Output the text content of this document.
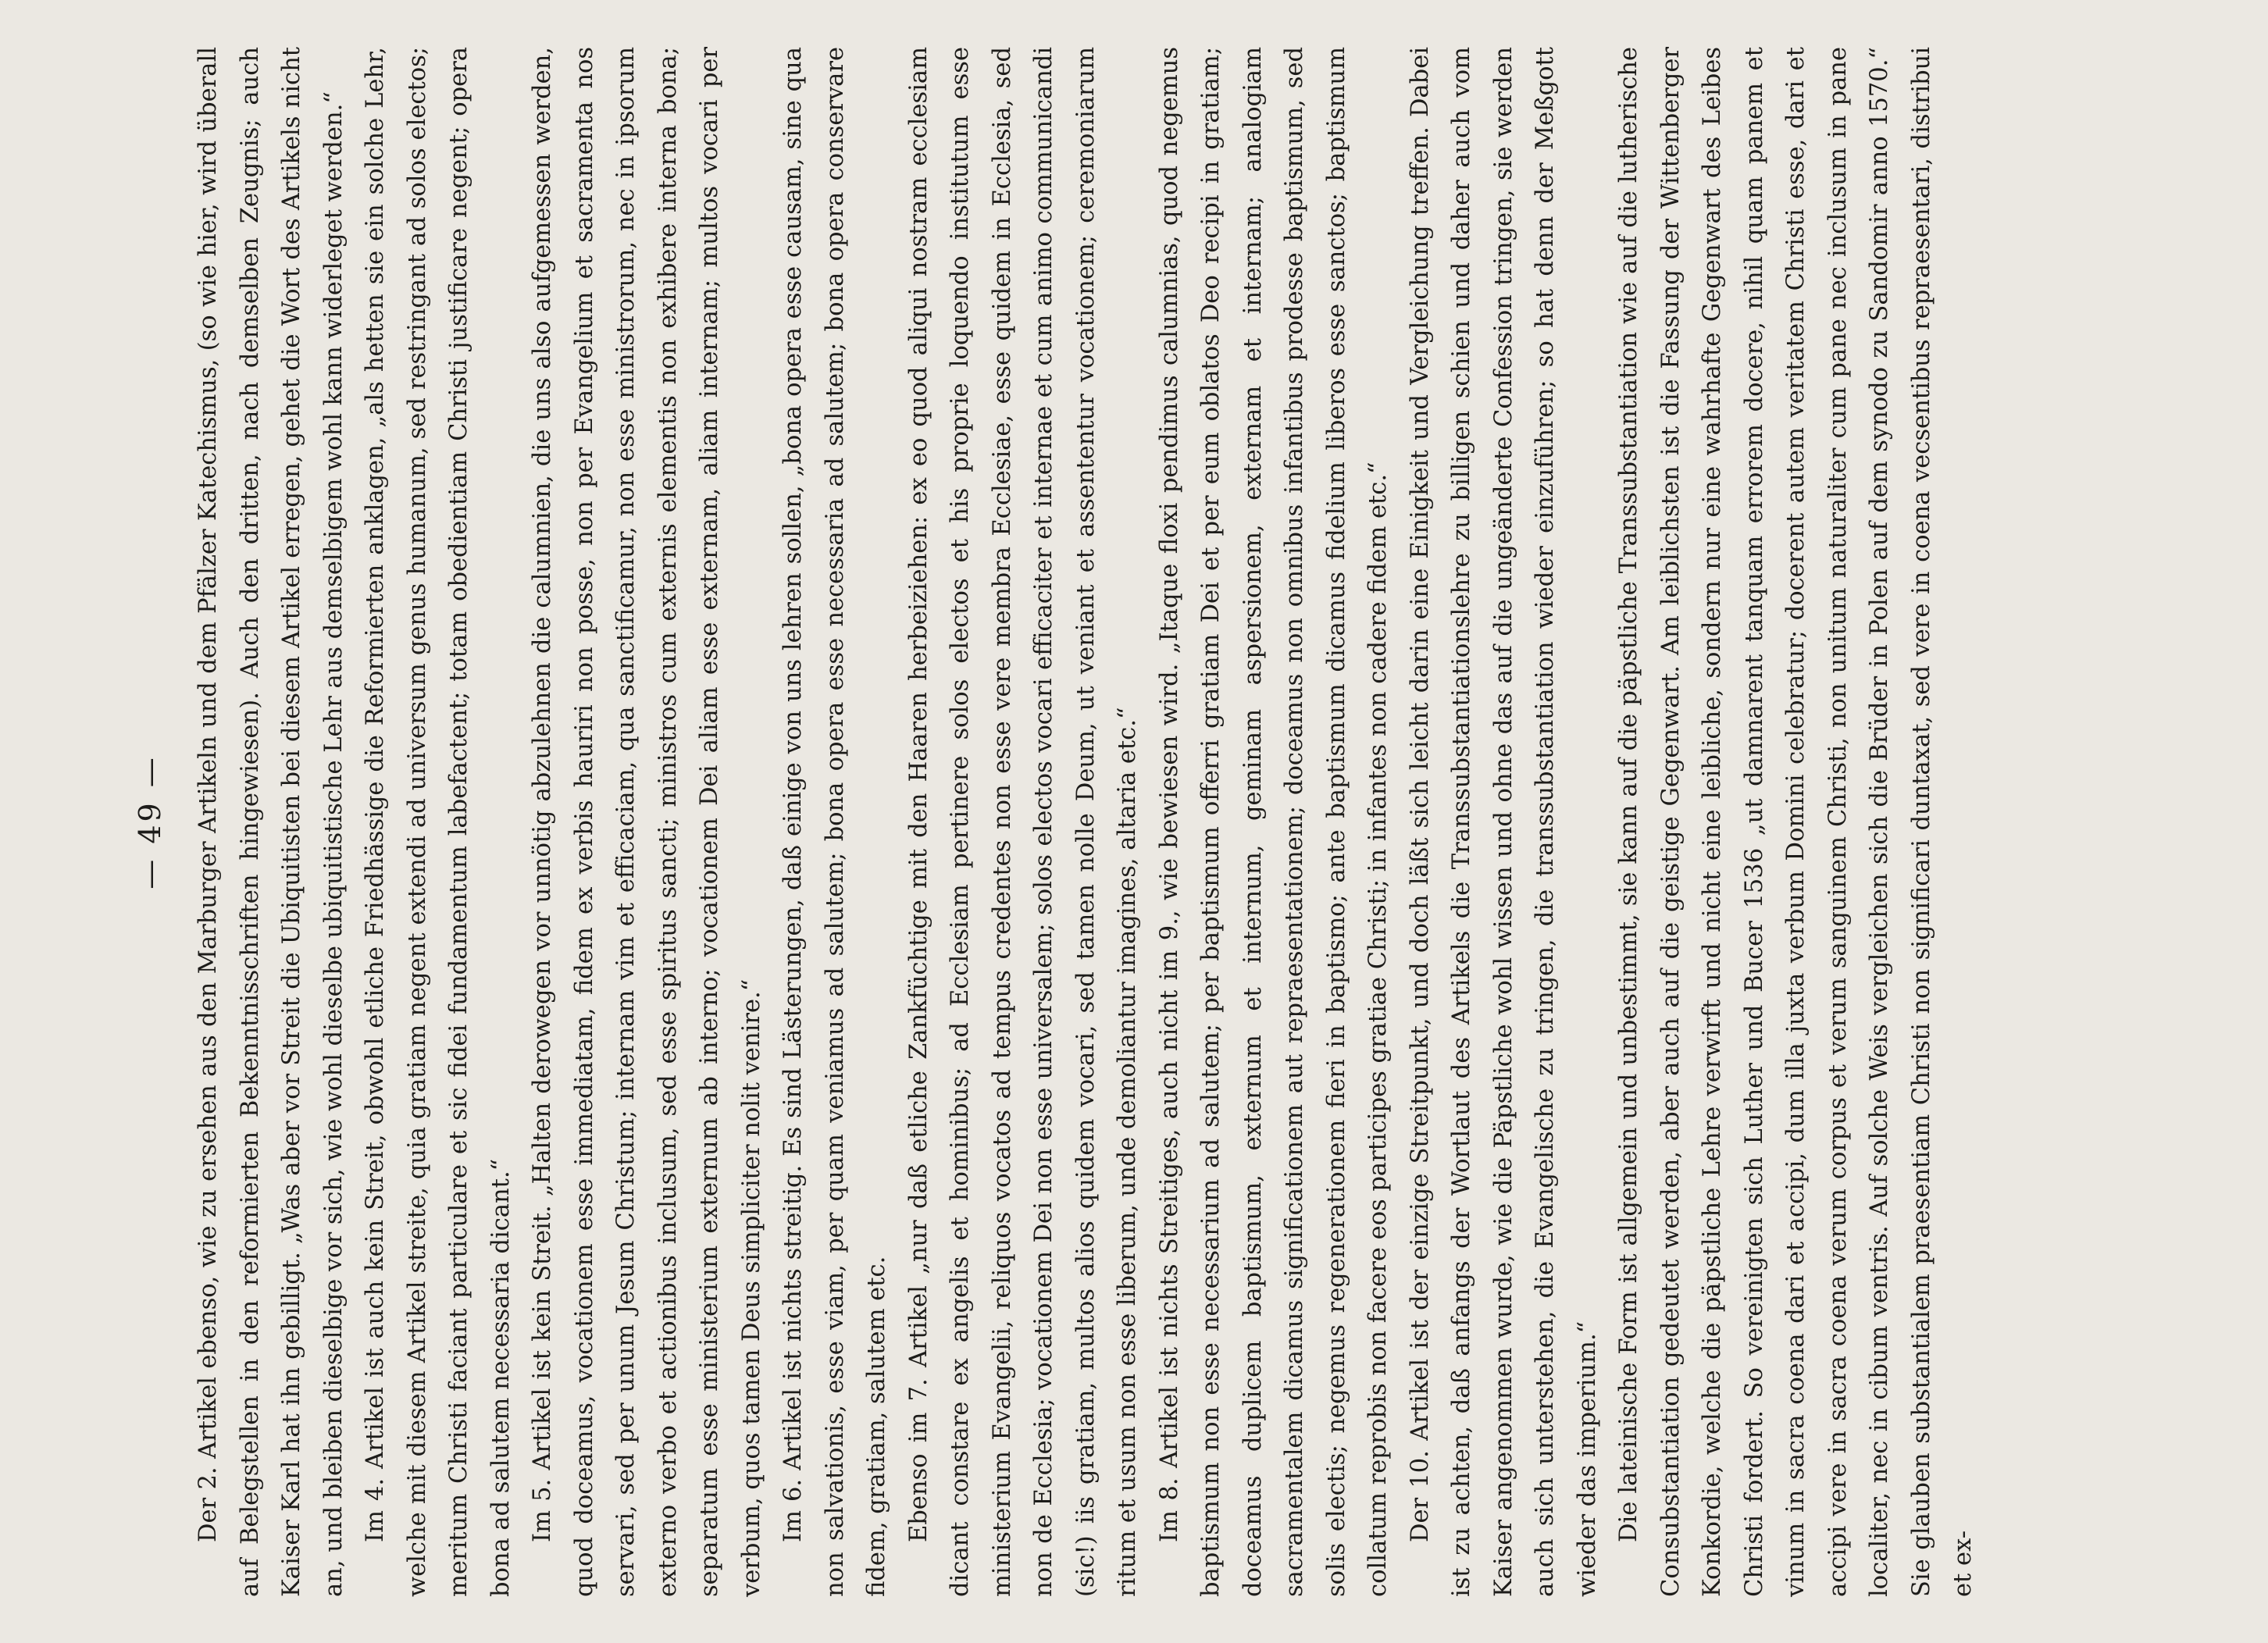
— 49 — Der 2. Artikel ebenso, wie zu ersehen aus den Marburger Artikeln und dem Pfälzer Katechismus, (so wie hier, wird überall auf Belegstellen in den reformierten Bekenntnisschriften hingewiesen). Auch den dritten, nach demselben Zeugnis; auch Kaiser Karl hat ihn gebilligt. „Was aber vor Streit die Ubiquitisten bei diesem Artikel erregen, gehet die Wort des Artikels nicht an, und bleiben dieselbige vor sich, wie wohl dieselbe ubiquitistische Lehr aus demselbigem wohl kann widerleget werden.“ Im 4. Artikel ist auch kein Streit, obwohl etliche Friedhässige die Reformierten anklagen, „als hetten sie ein solche Lehr, welche mit diesem Artikel streite, quia gratiam negent extendi ad universum genus humanum, sed restringant ad solos electos; meritum Christi faciant particulare et sic fidei fundamentum labefactent; totam obedientiam Christi justificare negent; opera bona ad salutem necessaria dicant.“ Im 5. Artikel ist kein Streit. „Halten derowegen vor unnötig abzulehnen die calumnien, die uns also aufgemessen werden, quod doceamus, vocationem esse immediatam, fidem ex verbis hauriri non posse, non per Evangelium et sacramenta nos servari, sed per unum Jesum Christum; internam vim et efficaciam, qua sanctificamur, non esse ministrorum, nec in ipsorum externo verbo et actionibus inclusum, sed esse spiritus sancti; ministros cum externis elementis non exhibere interna bona; separatum esse ministerium externum ab interno; vocationem Dei aliam esse externam, aliam internam; multos vocari per verbum, quos tamen Deus simpliciter nolit venire.“ Im 6. Artikel ist nichts streitig. Es sind Lästerungen, daß einige von uns lehren sollen, „bona opera esse causam, sine qua non salvationis, esse viam, per quam veniamus ad salutem; bona opera esse necessaria ad salutem; bona opera conservare fidem, gratiam, salutem etc. Ebenso im 7. Artikel „nur daß etliche Zankfüchtige mit den Haaren herbeiziehen: ex eo quod aliqui nostram ecclesiam dicant constare ex angelis et hominibus; ad Ecclesiam pertinere solos electos et his proprie loquendo institutum esse ministerium Evangelii, reliquos vocatos ad tempus credentes non esse vere membra Ecclesiae, esse quidem in Ecclesia, sed non de Ecclesia; vocationem Dei non esse universalem; solos electos vocari efficaciter et internae et cum animo communicandi (sic!) iis gratiam, multos alios quidem vocari, sed tamen nolle Deum, ut veniant et assententur vocationem; ceremoniarum ritum et usum non esse liberum, unde demoliantur imagines, altaria etc.“ Im 8. Artikel ist nichts Streitiges, auch nicht im 9., wie bewiesen wird. „Itaque floxi pendimus calumnias, quod negemus baptismum non esse necessarium ad salutem; per baptismum offerri gratiam Dei et per eum oblatos Deo recipi in gratiam; doceamus duplicem baptismum, externum et internum, geminam aspersionem, externam et internam; analogiam sacramentalem dicamus significationem aut repraesentationem; doceamus non omnibus infantibus prodesse baptismum, sed solis electis; negemus regenerationem fieri in baptismo; ante baptismum dicamus fidelium liberos esse sanctos; baptismum collatum reprobis non facere eos participes gratiae Christi; in infantes non cadere fidem etc.“ Der 10. Artikel ist der einzige Streitpunkt, und doch läßt sich leicht darin eine Einigkeit und Vergleichung treffen. Dabei ist zu achten, daß anfangs der Wortlaut des Artikels die Transsubstantiationslehre zu billigen schien und daher auch vom Kaiser angenommen wurde, wie die Päpstliche wohl wissen und ohne das auf die ungeänderte Confession tringen, sie werden auch sich unterstehen, die Evangelische zu tringen, die transsubstantiation wieder einzuführen; so hat denn der Meßgott wieder das imperium.“ Die lateinische Form ist allgemein und unbestimmt, sie kann auf die päpstliche Transsubstantiation wie auf die lutherische Consubstantiation gedeutet werden, aber auch auf die geistige Gegenwart. Am leiblichsten ist die Fassung der Wittenberger Konkordie, welche die päpstliche Lehre verwirft und nicht eine leibliche, sondern nur eine wahrhafte Gegenwart des Leibes Christi fordert. So vereinigten sich Luther und Bucer 1536 „ut damnarent tanquam errorem docere, nihil quam panem et vinum in sacra coena dari et accipi, dum illa juxta verbum Domini celebratur; docerent autem veritatem Christi esse, dari et accipi vere in sacra coena verum corpus et verum sanguinem Christi, non unitum naturaliter cum pane nec inclusum in pane localiter, nec in cibum ventris. Auf solche Weis vergleichen sich die Brüder in Polen auf dem synodo zu Sandomir anno 1570.“ Sie glauben substantialem praesentiam Christi non significari duntaxat, sed vere in coena vecsentibus repraesentari, distribui et ex-
